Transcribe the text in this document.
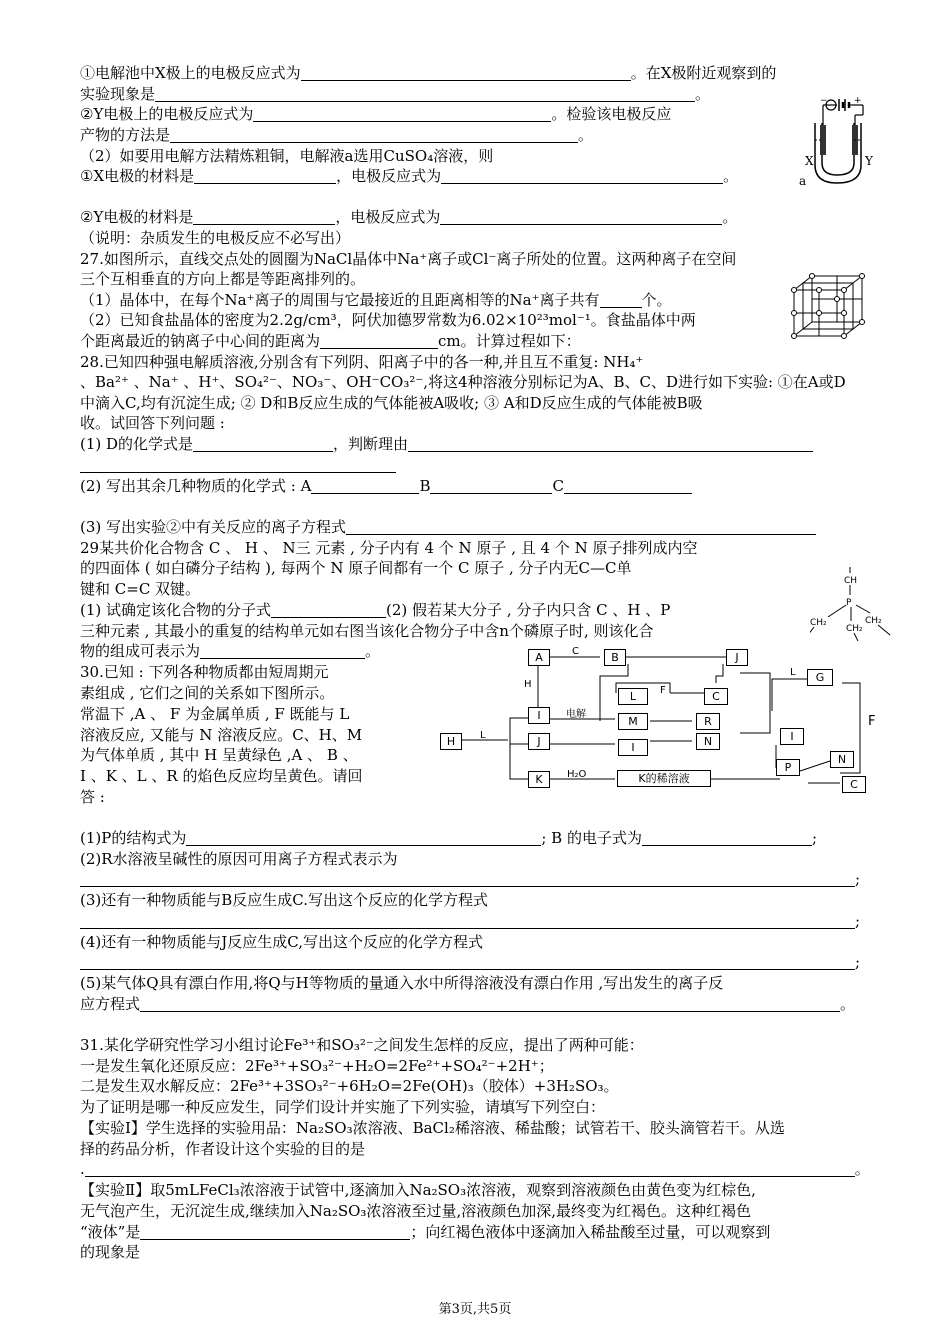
①电解池中X极上的电极反应式为	。在X极附近观察到的
实验现象是	。
②Y电极上的电极反应式为	。检验该电极反应
产物的方法是	。
（2）如要用电解方法精炼粗铜，电解液a选用CuSO₄溶液，则
①X电极的材料是	，电极反应式为	。
②Y电极的材料是	，电极反应式为	。
（说明：杂质发生的电极反应不必写出）
+
−
X	Y
a
27.如图所示，直线交点处的圆圈为NaCl晶体中Na⁺离子或Cl⁻离子所处的位置。这两种离子在空间
三个互相垂直的方向上都是等距离排列的。
（1）晶体中，在每个Na⁺离子的周围与它最接近的且距离相等的Na⁺离子共有	个。
（2）已知食盐晶体的密度为2.2g/cm³，阿伏加德罗常数为6.02×10²³mol⁻¹。食盐晶体中两
个距离最近的钠离子中心间的距离为	cm。计算过程如下：
28.已知四种强电解质溶液,分别含有下列阴、阳离子中的各一种,并且互不重复: NH₄⁺
、Ba²⁺ 、Na⁺ 、H⁺、SO₄²⁻、NO₃⁻、OH⁻CO₃²⁻,将这4种溶液分别标记为A、B、C、D进行如下实验: ①在A或D
中滴入C,均有沉淀生成; ② D和B反应生成的气体能被A吸收; ③ A和D反应生成的气体能被B吸
收。试回答下列问题 :
(1) D的化学式是	，判断理由
(2) 写出其余几种物质的化学式 : A	B	C
(3) 写出实验②中有关反应的离子方程式
29某共价化合物含 C 、 H 、 N三 元素 , 分子内有 4 个 N 原子 , 且 4 个 N 原子排列成内空
的四面体 ( 如白磷分子结构 ), 每两个 N 原子间都有一个 C 原子 , 分子内无C—C单
键和 C=C 双键。
(1) 试确定该化合物的分子式	(2) 假若某大分子 , 分子内只含 C 、H 、P
三种元素 , 其最小的重复的结构单元如右图当该化合物分子中含n个磷原子时, 则该化合
物的组成可表示为	。
CH
P
CH₂	CH₂
CH₂
30.已知 : 下列各种物质都由短周期元
素组成 , 它们之间的关系如下图所示。
常温下 ,A 、 F 为金属单质 , F 既能与 L
溶液反应, 又能与 N 溶液反应。C、H、M
为气体单质 , 其中 H 呈黄绿色 ,A 、 B 、
I 、K 、L 、R 的焰色反应均呈黄色。请回
答 :
C
H
L
F
电解
L
H₂O
F
A	B	J
G
L	C
I	M	R
J	N
I
H
K
I
P
N
C
K的稀溶液
(1)P的结构式为	; B 的电子式为	;
(2)R水溶液呈碱性的原因可用离子方程式表示为
;
(3)还有一种物质能与B反应生成C.写出这个反应的化学方程式
;
(4)还有一种物质能与J反应生成C,写出这个反应的化学方程式
;
(5)某气体Q具有漂白作用,将Q与H等物质的量通入水中所得溶液没有漂白作用 ,写出发生的离子反
应方程式	。
31.某化学研究性学习小组讨论Fe³⁺和SO₃²⁻之间发生怎样的反应，提出了两种可能：
一是发生氧化还原反应：2Fe³⁺+SO₃²⁻+H₂O=2Fe²⁺+SO₄²⁻+2H⁺；
二是发生双水解反应：2Fe³⁺+3SO₃²⁻+6H₂O=2Fe(OH)₃（胶体）+3H₂SO₃。
为了证明是哪一种反应发生，同学们设计并实施了下列实验，请填写下列空白：
【实验Ⅰ】学生选择的实验用品：Na₂SO₃浓溶液、BaCl₂稀溶液、稀盐酸；试管若干、胶头滴管若干。从选
择的药品分析，作者设计这个实验的目的是
.	。
【实验Ⅱ】取5mLFeCl₃浓溶液于试管中,逐滴加入Na₂SO₃浓溶液，观察到溶液颜色由黄色变为红棕色,
无气泡产生，无沉淀生成,继续加入Na₂SO₃浓溶液至过量,溶液颜色加深,最终变为红褐色。这种红褐色
“液体”是	；向红褐色液体中逐滴加入稀盐酸至过量，可以观察到
的现象是
第3页,共5页
